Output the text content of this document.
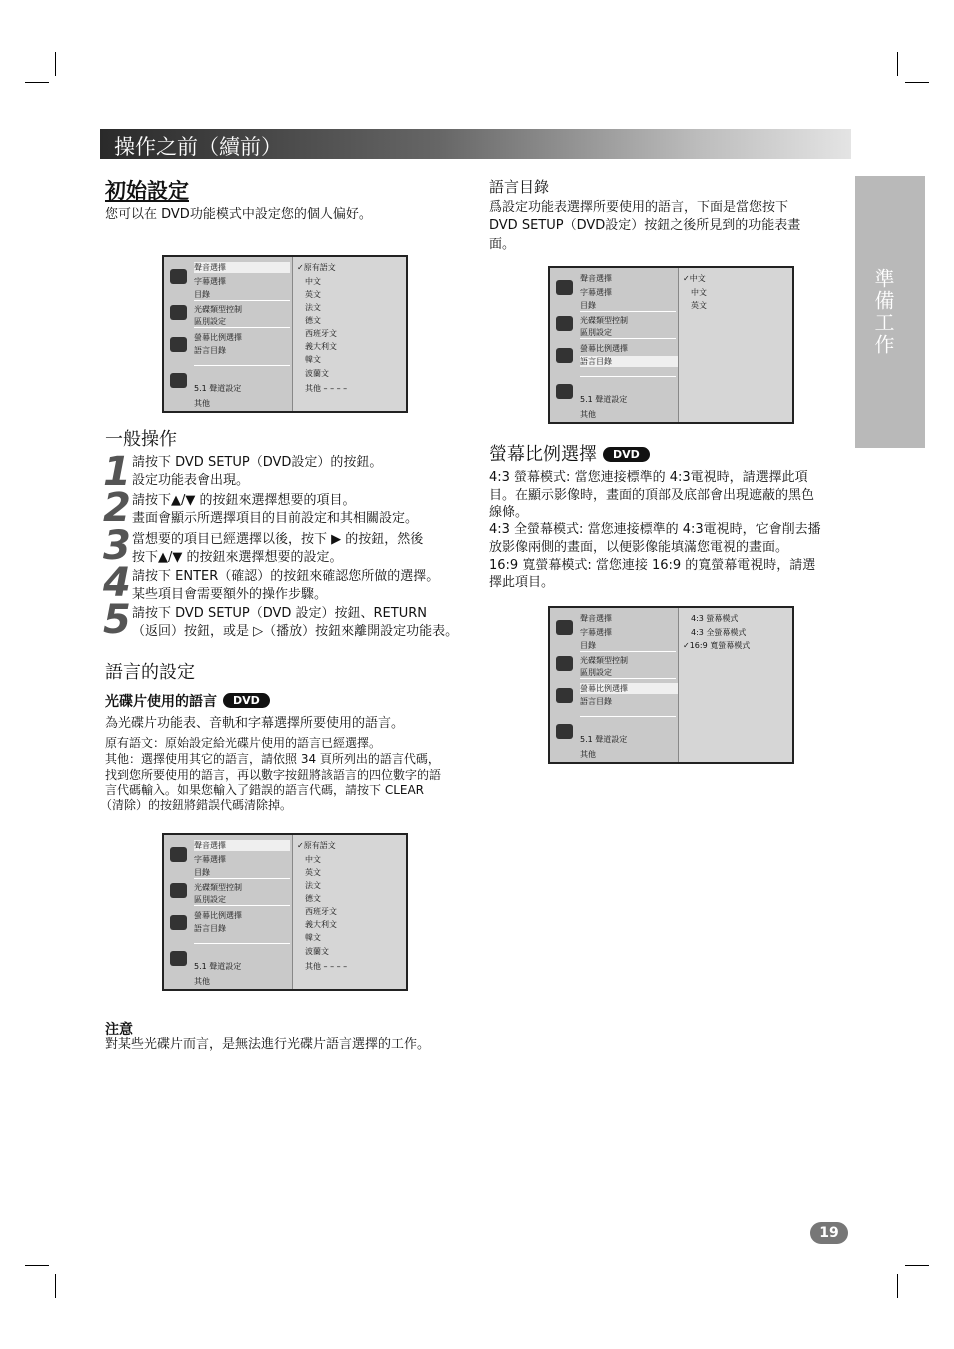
操作之前（續前）
準備工作
初始設定
您可以在 DVD功能模式中設定您的個人偏好。
聲音選擇
字幕選擇
目錄
光碟類型控制
區別設定
螢幕比例選擇
語言目錄
5.1 聲道設定
其他
✓原有語文
中文
英文
法文
德文
西班牙文
義大利文
韓文
波蘭文
其他 – – – –
一般操作
1 請按下 DVD SETUP（DVD設定）的按鈕。
設定功能表會出現。
2 請按下▲/▼ 的按鈕來選擇想要的項目。
畫面會顯示所選擇項目的目前設定和其相關設定。
3 當想要的項目已經選擇以後，按下 ▶ 的按鈕，然後
按下▲/▼ 的按鈕來選擇想要的設定。
4 請按下 ENTER（確認）的按鈕來確認您所做的選擇。
某些項目會需要額外的操作步驟。
5 請按下 DVD SETUP（DVD 設定）按鈕、RETURN
（返回）按鈕，或是 ▷（播放）按鈕來離開設定功能表。
語言的設定
光碟片使用的語言 DVD
為光碟片功能表、音軌和字幕選擇所要使用的語言。
原有語文：原始設定給光碟片使用的語言已經選擇。
其他：選擇使用其它的語言，請依照 34 頁所列出的語言代碼，
找到您所要使用的語言，再以數字按鈕將該語言的四位數字的語
言代碼輸入。如果您輸入了錯誤的語言代碼，請按下 CLEAR
（清除）的按鈕將錯誤代碼清除掉。
聲音選擇
字幕選擇
目錄
光碟類型控制
區別設定
螢幕比例選擇
語言目錄
5.1 聲道設定
其他
✓原有語文
中文
英文
法文
德文
西班牙文
義大利文
韓文
波蘭文
其他 – – – –
注意
對某些光碟片而言，是無法進行光碟片語言選擇的工作。
語言目錄
爲設定功能表選擇所要使用的語言，下面是當您按下
DVD SETUP（DVD設定）按鈕之後所見到的功能表畫
面。
聲音選擇
字幕選擇
目錄
光碟類型控制
區別設定
螢幕比例選擇
語言目錄
5.1 聲道設定
其他
✓中文
中文
英文
螢幕比例選擇 DVD
4:3 螢幕模式: 當您連接標準的 4:3電視時，請選擇此項
目。在顯示影像時，畫面的頂部及底部會出現遮蔽的黑色
線條。
4:3 全螢幕模式: 當您連接標準的 4:3電視時，它會削去播
放影像兩側的畫面，以便影像能填滿您電視的畫面。
16:9 寬螢幕模式: 當您連接 16:9 的寬螢幕電視時，請選
擇此項目。
聲音選擇
字幕選擇
目錄
光碟類型控制
區別設定
螢幕比例選擇
語言目錄
5.1 聲道設定
其他
4:3 螢幕模式
4:3 全螢幕模式
✓16:9 寬螢幕模式
19
